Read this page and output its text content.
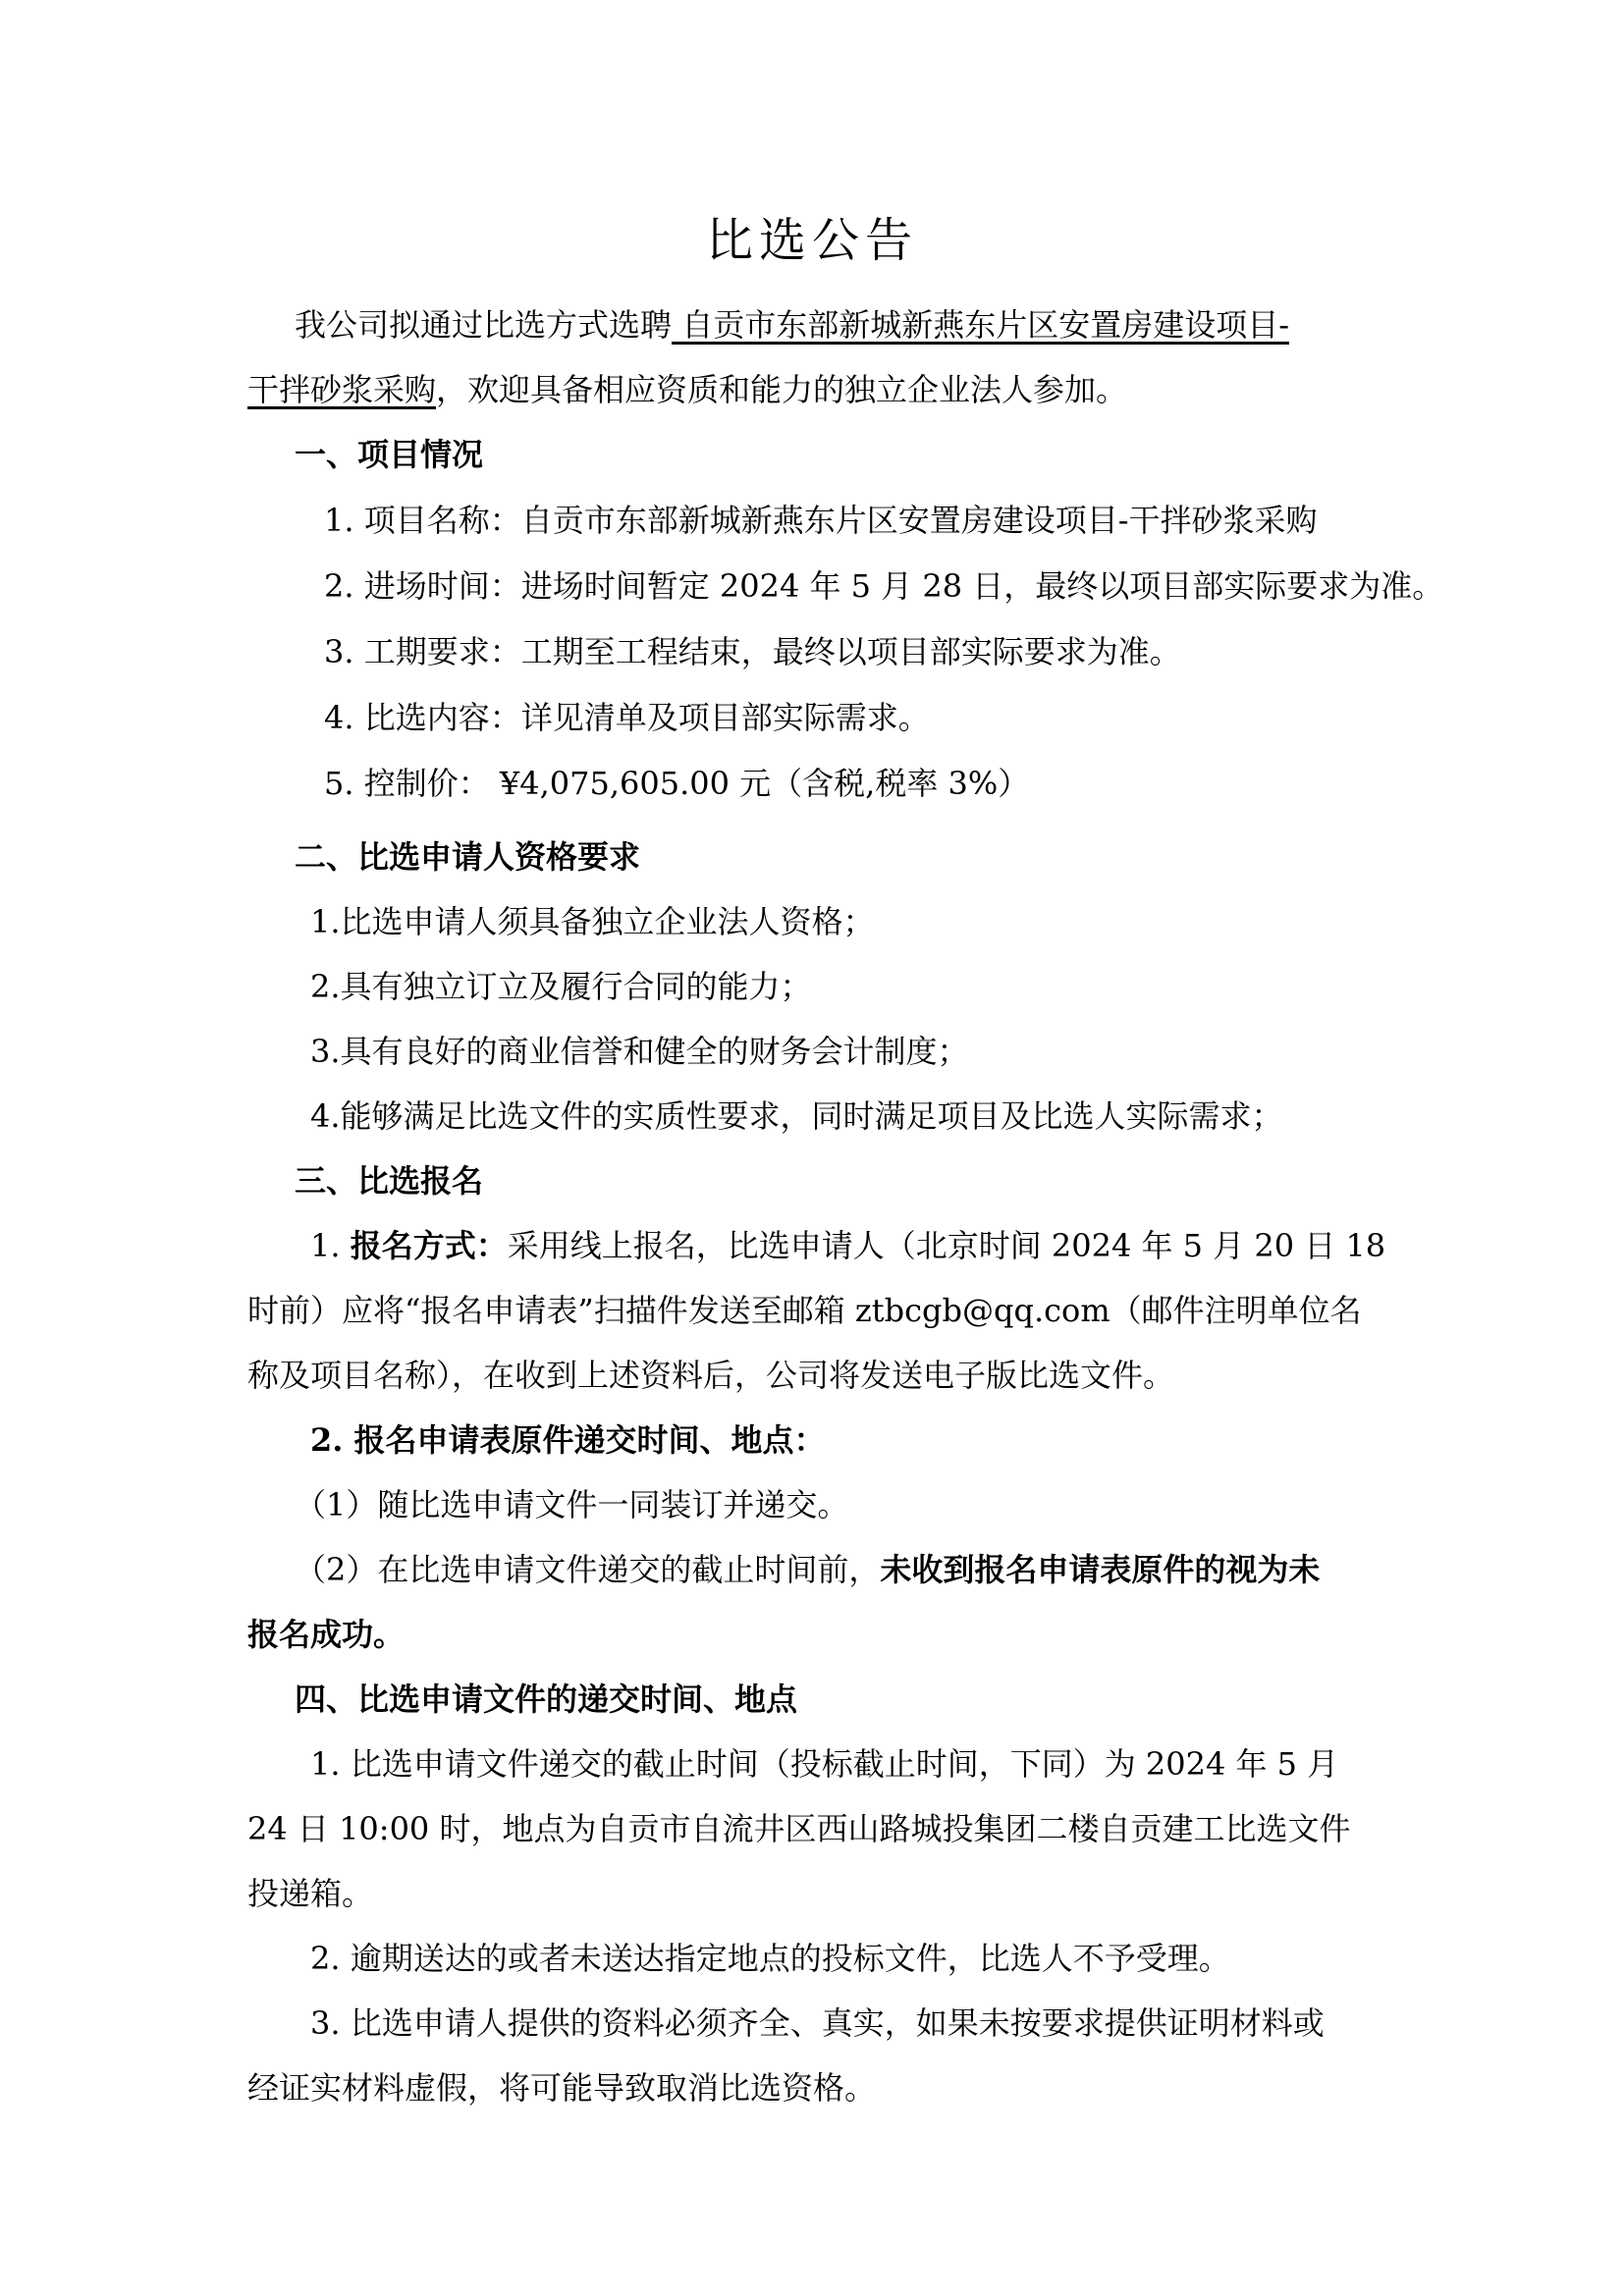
比选公告
我公司拟通过比选方式选聘 自贡市东部新城新燕东片区安置房建设项目-
干拌砂浆采购，欢迎具备相应资质和能力的独立企业法人参加。
一、项目情况
1. 项目名称：自贡市东部新城新燕东片区安置房建设项目-干拌砂浆采购
2. 进场时间：进场时间暂定 2024 年 5 月 28 日，最终以项目部实际要求为准。
3. 工期要求：工期至工程结束，最终以项目部实际要求为准。
4. 比选内容：详见清单及项目部实际需求。
5. 控制价： ¥4,075,605.00 元（含税,税率 3%）
二、比选申请人资格要求
1.比选申请人须具备独立企业法人资格；
2.具有独立订立及履行合同的能力；
3.具有良好的商业信誉和健全的财务会计制度；
4.能够满足比选文件的实质性要求，同时满足项目及比选人实际需求；
三、比选报名
1. 报名方式：采用线上报名，比选申请人（北京时间 2024 年 5 月 20 日 18
时前）应将“报名申请表”扫描件发送至邮箱 ztbcgb@qq.com（邮件注明单位名
称及项目名称），在收到上述资料后，公司将发送电子版比选文件。
2. 报名申请表原件递交时间、地点：
（1）随比选申请文件一同装订并递交。
（2）在比选申请文件递交的截止时间前，未收到报名申请表原件的视为未
报名成功。
四、比选申请文件的递交时间、地点
1. 比选申请文件递交的截止时间（投标截止时间，下同）为 2024 年 5 月
24 日 10:00 时，地点为自贡市自流井区西山路城投集团二楼自贡建工比选文件
投递箱。
2. 逾期送达的或者未送达指定地点的投标文件，比选人不予受理。
3. 比选申请人提供的资料必须齐全、真实，如果未按要求提供证明材料或
经证实材料虚假，将可能导致取消比选资格。
